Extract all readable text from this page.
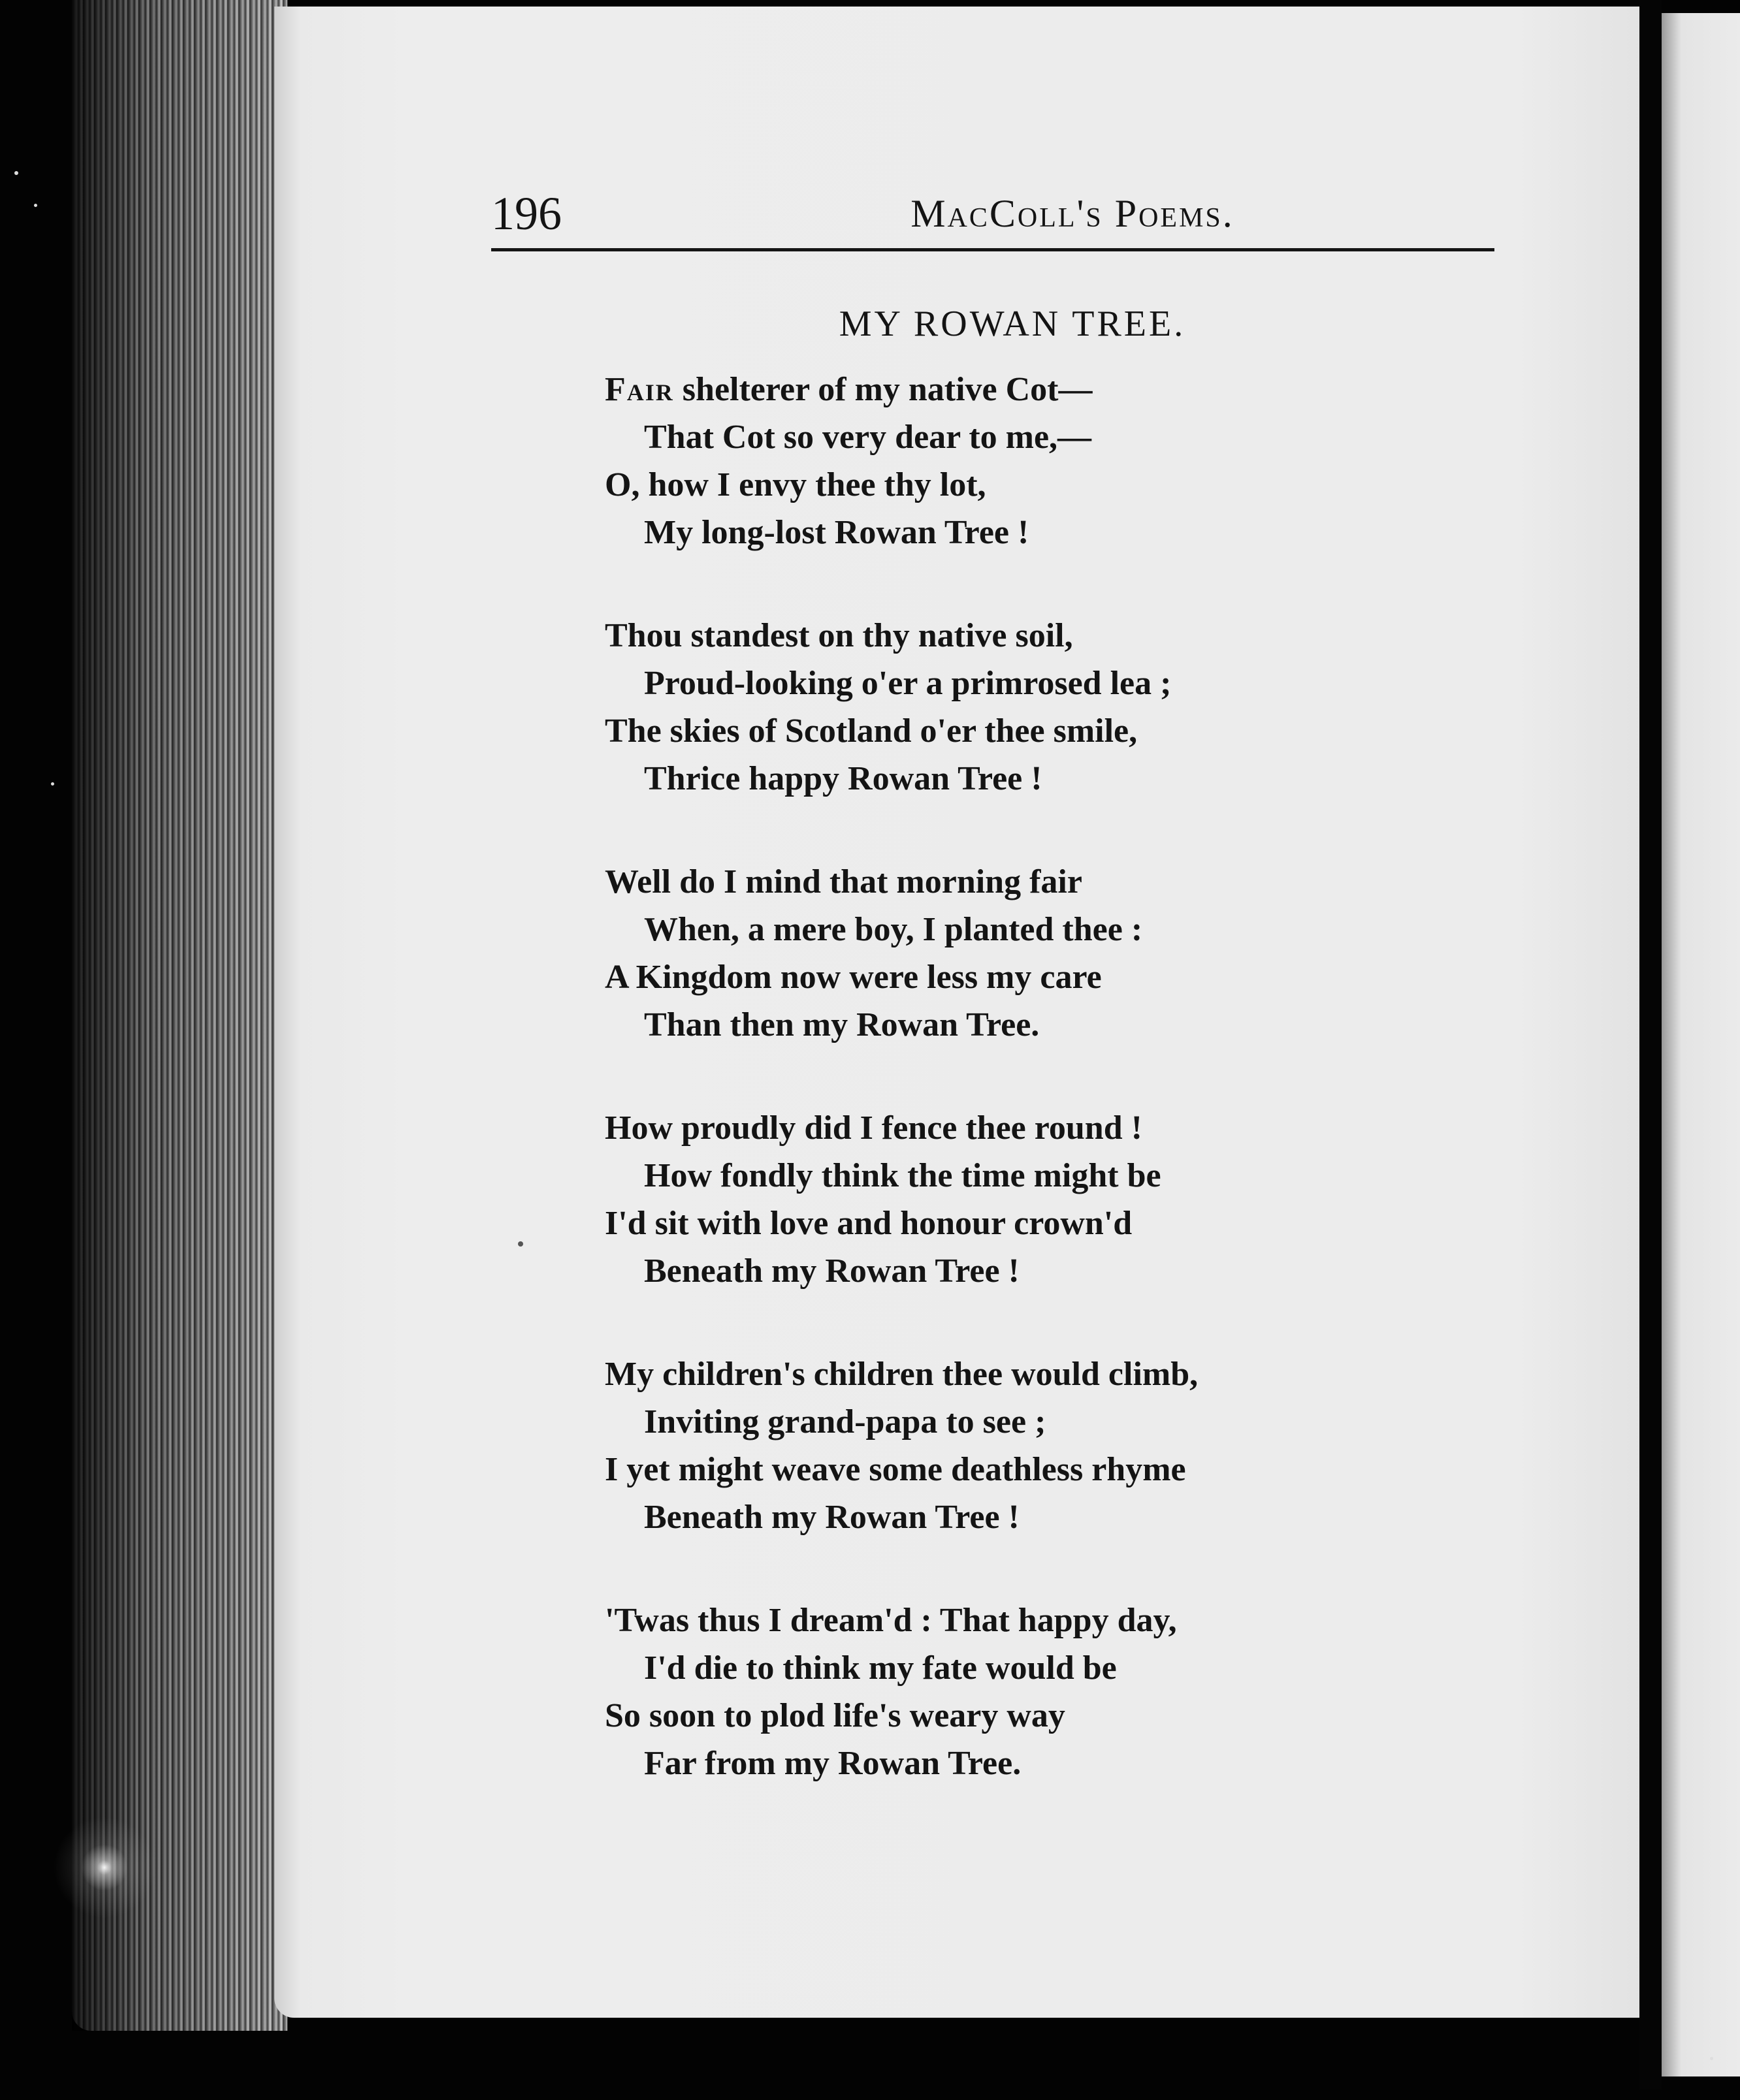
196	MacColl's Poems.
MY ROWAN TREE.
Fair shelterer of my native Cot—
That Cot so very dear to me,—
O, how I envy thee thy lot,
My long-lost Rowan Tree !
Thou standest on thy native soil,
Proud-looking o'er a primrosed lea ;
The skies of Scotland o'er thee smile,
Thrice happy Rowan Tree !
Well do I mind that morning fair
When, a mere boy, I planted thee :
A Kingdom now were less my care
Than then my Rowan Tree.
How proudly did I fence thee round !
How fondly think the time might be
I'd sit with love and honour crown'd
Beneath my Rowan Tree !
My children's children thee would climb,
Inviting grand-papa to see ;
I yet might weave some deathless rhyme
Beneath my Rowan Tree !
'Twas thus I dream'd : That happy day,
I'd die to think my fate would be
So soon to plod life's weary way
Far from my Rowan Tree.
